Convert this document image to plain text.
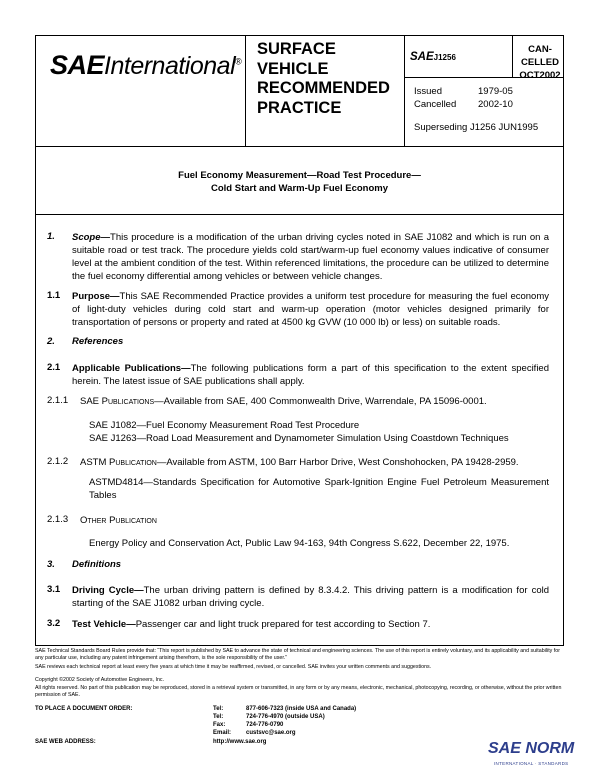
SAEInternational®
SURFACE
VEHICLE
RECOMMENDED
PRACTICE
SAEJ1256
CAN-
CELLED
OCT2002
Issued	1979-05
Cancelled 2002-10
Superseding J1256 JUN1995
Fuel Economy Measurement—Road Test Procedure—
Cold Start and Warm-Up Fuel Economy
1. Scope—This procedure is a modification of the urban driving cycles noted in SAE J1082 and which is run on a suitable road or test track. The procedure yields cold start/warm-up fuel economy values indicative of consumer level at the ambient condition of the test. Within referenced limitations, the procedure can be utilized to determine the fuel economy differential among vehicles or between vehicle changes.
1.1 Purpose—This SAE Recommended Practice provides a uniform test procedure for measuring the fuel economy of light-duty vehicles during cold start and warm-up operation (motor vehicles designed primarily for transportation of persons or property and rated at 4500 kg GVW (10 000 lb) or less) on suitable roads.
2. References
2.1 Applicable Publications—The following publications form a part of this specification to the extent specified herein. The latest issue of SAE publications shall apply.
2.1.1 SAE Publications—Available from SAE, 400 Commonwealth Drive, Warrendale, PA 15096-0001.
SAE J1082—Fuel Economy Measurement Road Test Procedure
SAE J1263—Road Load Measurement and Dynamometer Simulation Using Coastdown Techniques
2.1.2 ASTM Publication—Available from ASTM, 100 Barr Harbor Drive, West Conshohocken, PA 19428-2959.
ASTMD4814—Standards Specification for Automotive Spark-Ignition Engine Fuel Petroleum Measurement Tables
2.1.3 Other Publication
Energy Policy and Conservation Act, Public Law 94-163, 94th Congress S.622, December 22, 1975.
3. Definitions
3.1 Driving Cycle—The urban driving pattern is defined by 8.3.4.2. This driving pattern is a modification for cold starting of the SAE J1082 urban driving cycle.
3.2 Test Vehicle—Passenger car and light truck prepared for test according to Section 7.
SAE Technical Standards Board Rules provide that: “This report is published by SAE to advance the state of technical and engineering sciences. The use of this report is entirely voluntary, and its applicability and suitability for any particular use, including any patent infringement arising therefrom, is the sole responsibility of the user.”
SAE reviews each technical report at least every five years at which time it may be reaffirmed, revised, or cancelled. SAE invites your written comments and suggestions.
Copyright ©2002 Society of Automotive Engineers, Inc.
All rights reserved. No part of this publication may be reproduced, stored in a retrieval system or transmitted, in any form or by any means, electronic, mechanical, photocopying, recording, or otherwise, without the prior written permission of SAE.
TO PLACE A DOCUMENT ORDER:	Tel:	877-606-7323 (inside USA and Canada)
Tel:	724-776-4970 (outside USA)
Fax:	724-776-0790
Email: custsvc@sae.org
SAE WEB ADDRESS:	http://www.sae.org	SAE NORM
INTERNATIONAL · STANDARDS
